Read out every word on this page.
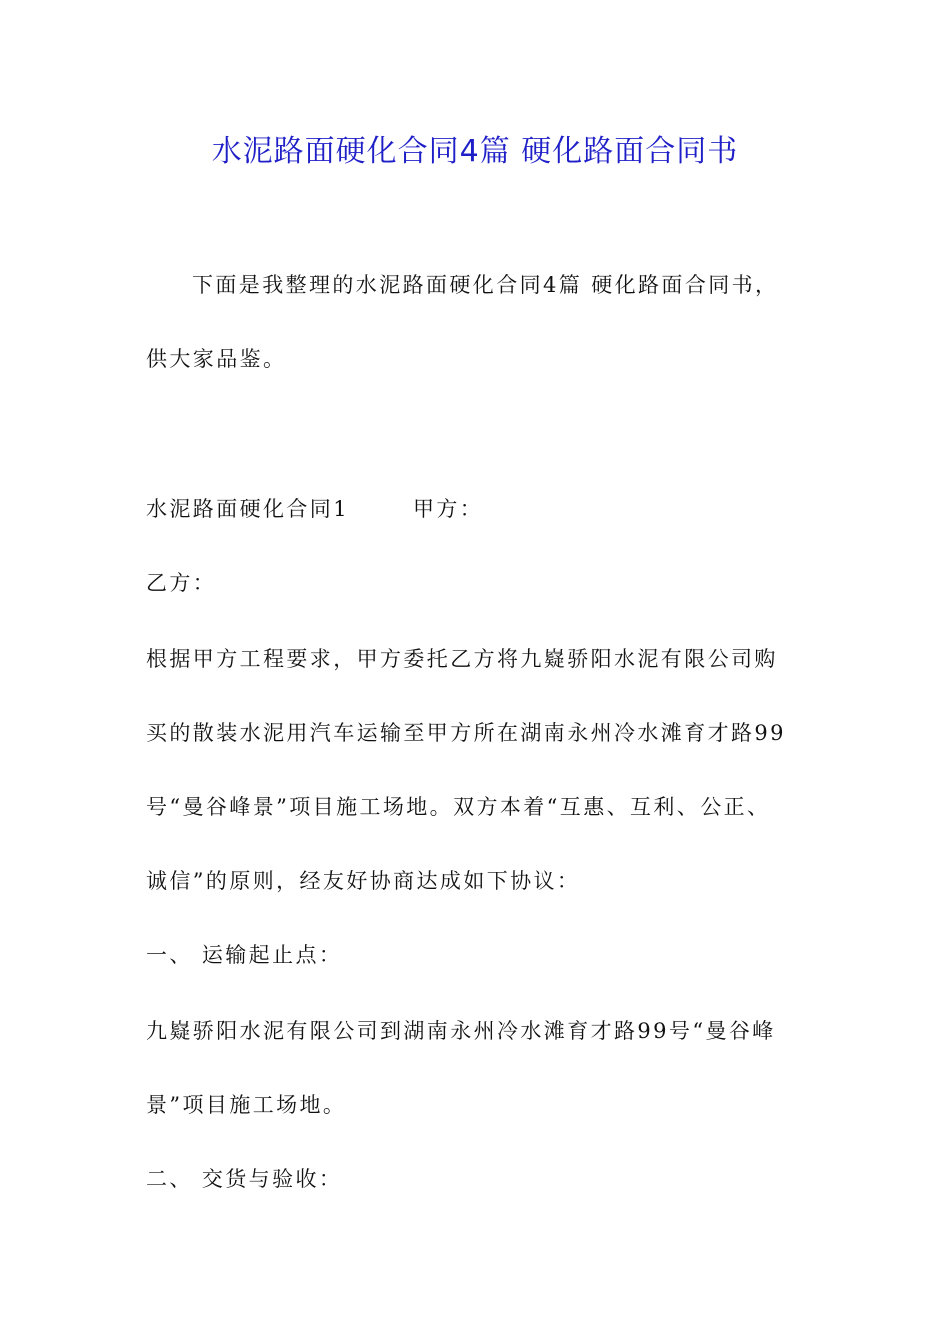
水泥路面硬化合同4篇 硬化路面合同书
下面是我整理的水泥路面硬化合同4篇 硬化路面合同书，
供大家品鉴。
水泥路面硬化合同1	甲方：
乙方：
根据甲方工程要求，甲方委托乙方将九嶷骄阳水泥有限公司购
买的散装水泥用汽车运输至甲方所在湖南永州冷水滩育才路99
号“曼谷峰景”项目施工场地。双方本着“互惠、互利、公正、
诚信”的原则，经友好协商达成如下协议：
一、 运输起止点：
九嶷骄阳水泥有限公司到湖南永州冷水滩育才路99号“曼谷峰
景”项目施工场地。
二、 交货与验收：
